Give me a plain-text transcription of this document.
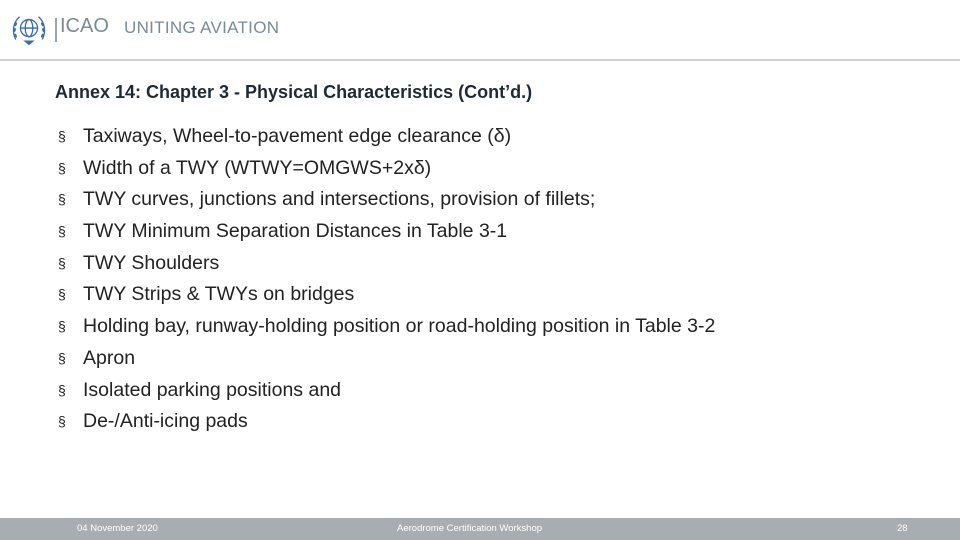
ICAO UNITING AVIATION
Annex 14: Chapter 3 - Physical Characteristics (Cont’d.)
§ Taxiways, Wheel-to-pavement edge clearance (δ)
§ Width of a TWY (WTWY=OMGWS+2xδ)
§ TWY curves, junctions and intersections, provision of fillets;
§ TWY Minimum Separation Distances in Table 3-1
§ TWY Shoulders
§ TWY Strips & TWYs on bridges
§ Holding bay, runway-holding position or road-holding position in Table 3-2
§ Apron
§ Isolated parking positions and
§ De-/Anti-icing pads
04 November 2020	Aerodrome Certification Workshop	28
